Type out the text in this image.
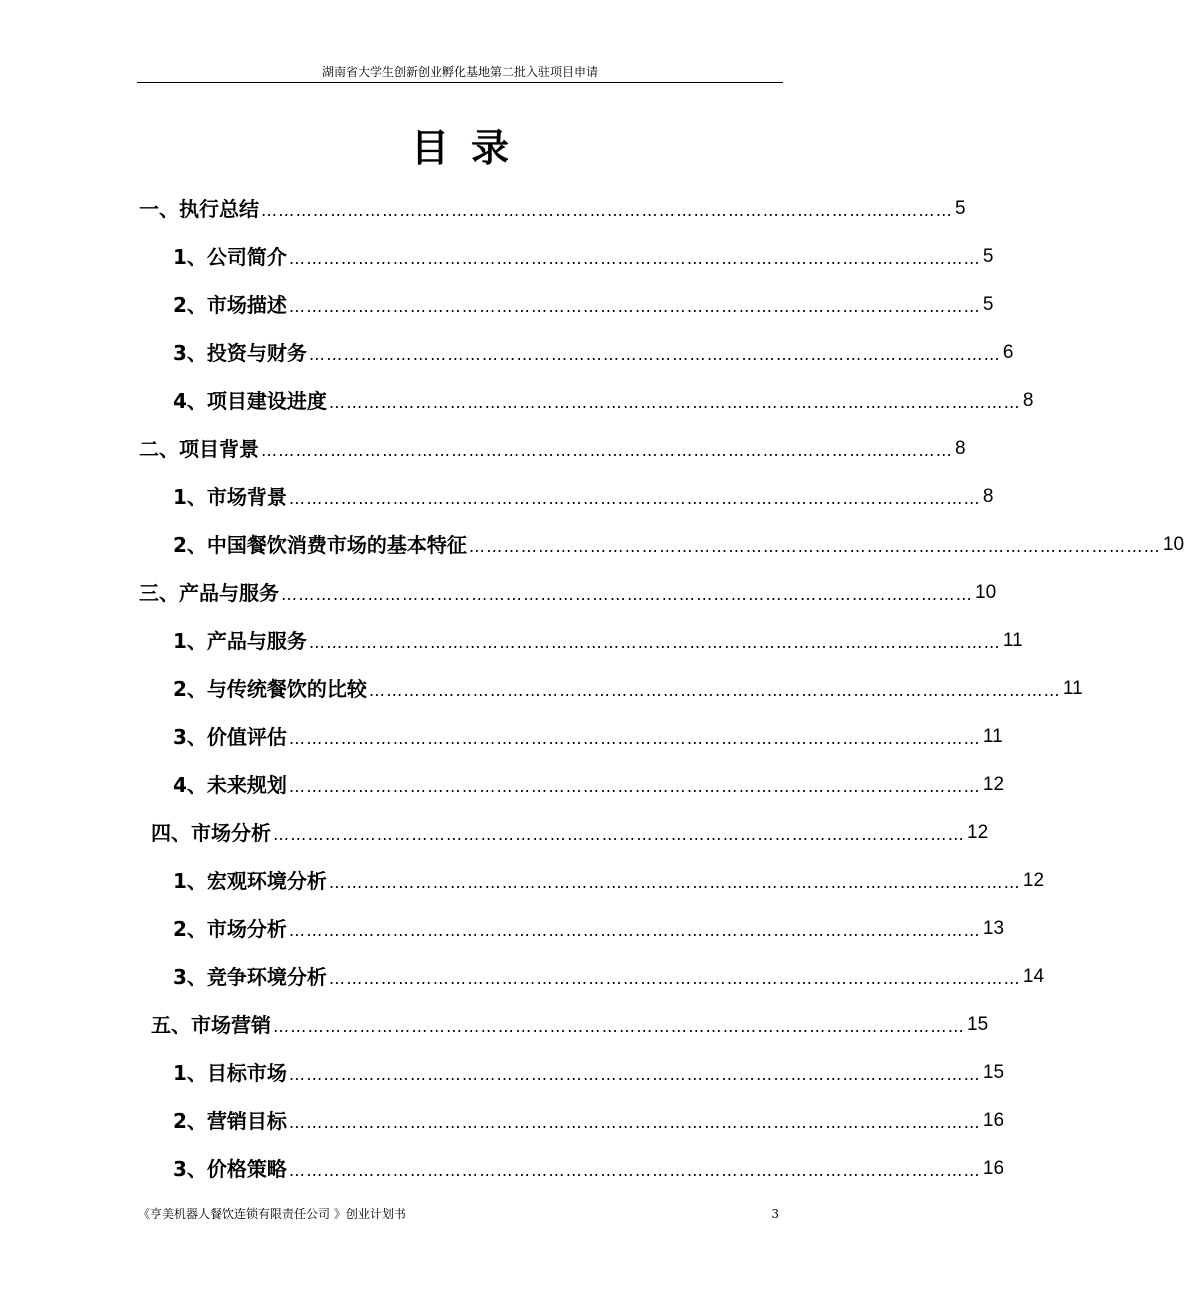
湖南省大学生创新创业孵化基地第二批入驻项目申请
目录
一、执行总结 ………………………………………………………………………………………………………… 5
1、公司简介 ………………………………………………………………………………………………………… 5
2、市场描述 ………………………………………………………………………………………………………… 5
3、投资与财务 ………………………………………………………………………………………………………… 6
4、项目建设进度 ………………………………………………………………………………………………………… 8
二、项目背景 ………………………………………………………………………………………………………… 8
1、市场背景 ………………………………………………………………………………………………………… 8
2、中国餐饮消费市场的基本特征 ………………………………………………………………………………………………………… 10
三、产品与服务 ………………………………………………………………………………………………………… 10
1、产品与服务 ………………………………………………………………………………………………………… 11
2、与传统餐饮的比较 ………………………………………………………………………………………………………… 11
3、价值评估 ………………………………………………………………………………………………………… 11
4、未来规划 ………………………………………………………………………………………………………… 12
四、市场分析 ………………………………………………………………………………………………………… 12
1、宏观环境分析 ………………………………………………………………………………………………………… 12
2、市场分析 ………………………………………………………………………………………………………… 13
3、竞争环境分析 ………………………………………………………………………………………………………… 14
五、市场营销 ………………………………………………………………………………………………………… 15
1、目标市场 ………………………………………………………………………………………………………… 15
2、营销目标 ………………………………………………………………………………………………………… 16
3、价格策略 ………………………………………………………………………………………………………… 16
《亨美机器人餐饮连锁有限责任公司 》创业计划书	3
